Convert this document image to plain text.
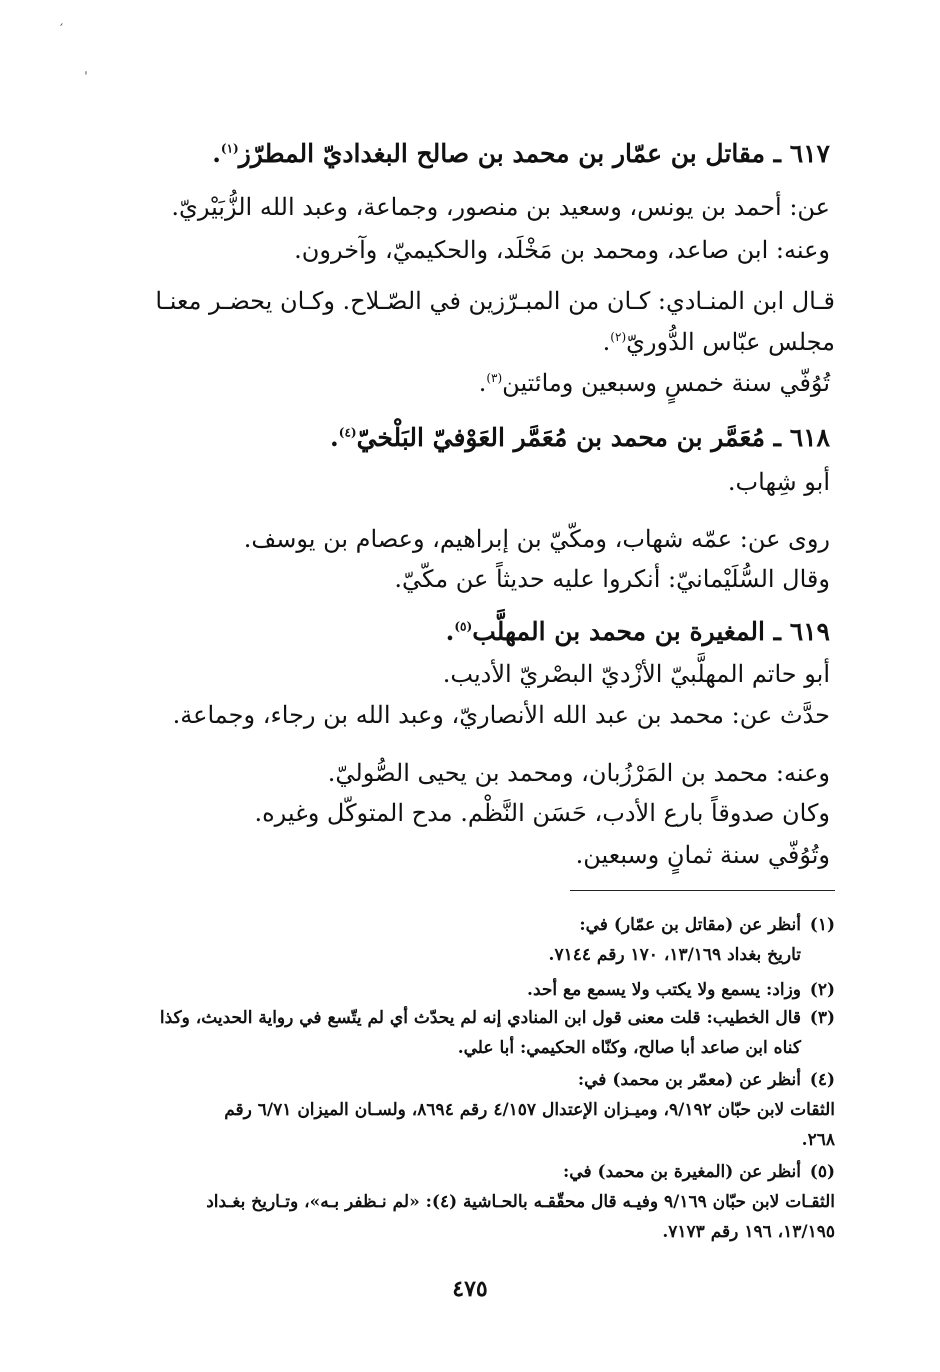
′
ˈ
٦١٧ ـ مقاتل بن عمّار بن محمد بن صالح البغداديّ المطرّز$^{(١)}$.
عن: أحمد بن يونس، وسعيد بن منصور، وجماعة، وعبد الله الزُّبَيْريّ.
وعنه: ابن صاعد، ومحمد بن مَخْلَد، والحكيميّ، وآخرون.
قـال ابن المنـادي: كـان من المبـرّزين في الصّـلاح. وكـان يحضـر معنـا
مجلس عبّاس الدُّوريّ$^{(٢)}$.
تُوُفّي سنة خمسٍ وسبعين ومائتين$^{(٣)}$.
٦١٨ ـ مُعَمَّر بن محمد بن مُعَمَّر العَوْفيّ البَلْخيّ$^{(٤)}$.
أبو شِهاب.
روى عن: عمّه شهاب، ومكّيّ بن إبراهيم، وعصام بن يوسف.
وقال السُّلَيْمانيّ: أنكروا عليه حديثاً عن مكّيّ.
٦١٩ ـ المغيرة بن محمد بن المهلَّب$^{(٥)}$.
أبو حاتم المهلَّبيّ الأزْديّ البصْريّ الأديب.
حدَّث عن: محمد بن عبد الله الأنصاريّ، وعبد الله بن رجاء، وجماعة.
وعنه: محمد بن المَرْزُبان، ومحمد بن يحيى الصُّوليّ.
وكان صدوقاً بارع الأدب، حَسَن النَّظْم. مدح المتوكّل وغيره.
وتُوُفّي سنة ثمانٍ وسبعين.
(١)أنظر عن (مقاتل بن عمّار) في:
تاريخ بغداد ١٣/١٦٩، ١٧٠ رقم ٧١٤٤.
(٢)وزاد: يسمع ولا يكتب ولا يسمع مع أحد.
(٣)قال الخطيب: قلت معنى قول ابن المنادي إنه لم يحدّث أي لم يتّسع في رواية الحديث، وكذا
كناه ابن صاعد أبا صالح، وكنّاه الحكيمي: أبا علي.
(٤)أنظر عن (معمّر بن محمد) في:
الثقات لابن حبّان ٩/١٩٢، وميـزان الإعتدال ٤/١٥٧ رقم ٨٦٩٤، ولسـان الميزان ٦/٧١ رقم
٢٦٨.
(٥)أنظر عن (المغيرة بن محمد) في:
الثقـات لابن حبّان ٩/١٦٩ وفيـه قال محقّقـه بالحـاشية (٤): «لم نـظفر بـه»، وتـاريخ بغـداد
١٣/١٩٥، ١٩٦ رقم ٧١٧٣.
٤٧٥
